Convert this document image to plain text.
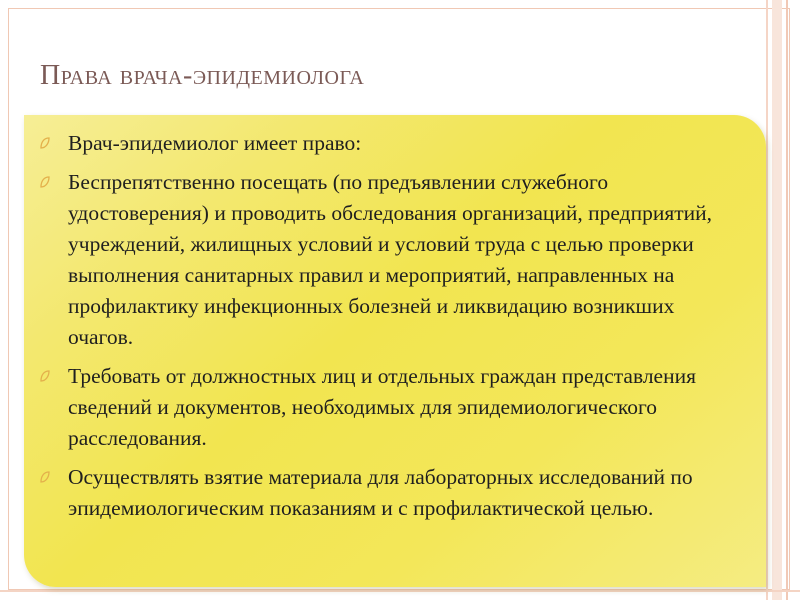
Права врача-эпидемиолога
Врач-эпидемиолог имеет право:
Беспрепятственно посещать (по предъявлении служебного удостоверения) и проводить обследования организаций, предприятий, учреждений, жилищных условий и условий труда с целью проверки выполнения санитарных правил и мероприятий, направленных на профилактику инфекционных болезней и ликвидацию возникших очагов.
Требовать от должностных лиц и отдельных граждан представления сведений и документов, необходимых для эпидемиологического расследования.
Осуществлять взятие материала для лабораторных исследований по эпидемиологическим показаниям и с профилактической целью.
